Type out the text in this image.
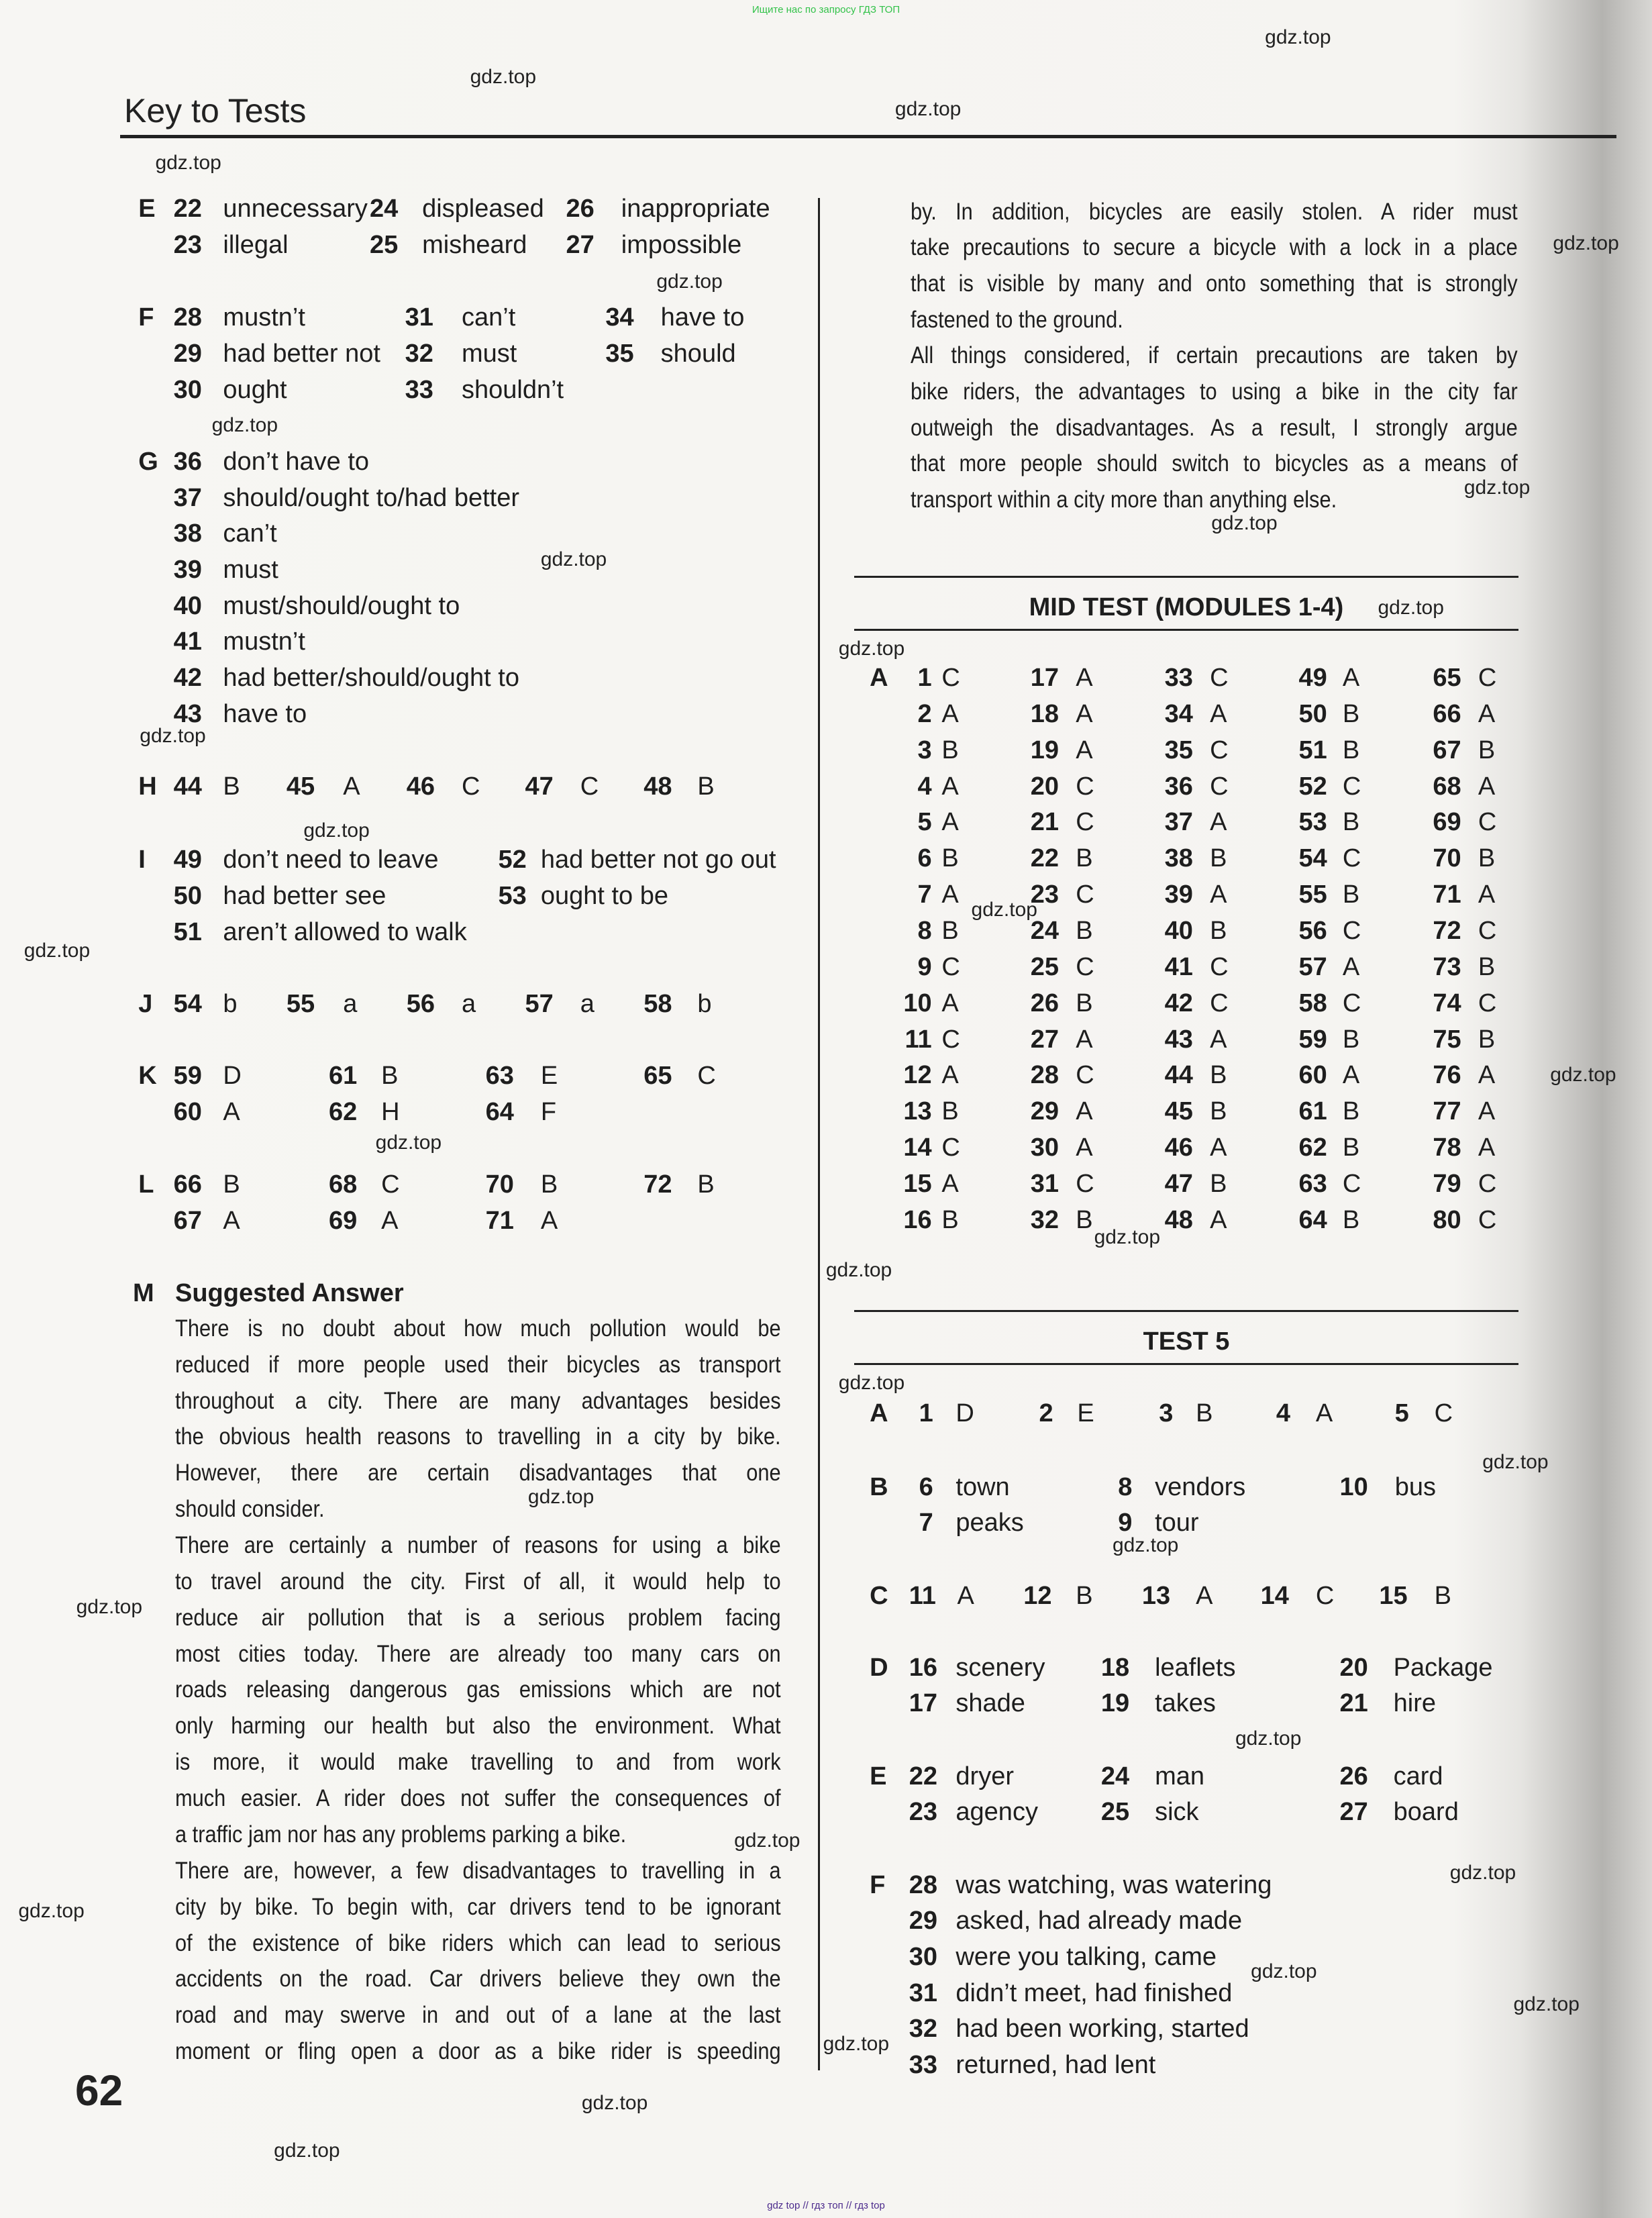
Ищите нас по запросу ГДЗ ТОП
Key to Tests
MID TEST (MODULES 1-4)
TEST 5
M Suggested Answer
62
gdz top // гдз топ // гдз top
E 22 unnecessary 24 displeased 26 inappropriate
23 illegal	25 misheard	27 impossible
F 28 mustn’t	31 can’t	34 have to
29 had better not 32 must	35 should
30 ought	33 shouldn’t
G 36 don’t have to
37 should/ought to/had better
38 can’t
39 must
40 must/should/ought to
41 mustn’t
42 had better/should/ought to
43 have to
H 44 B	45 A	46 C	47 C	48 B
I	49 don’t need to leave	52 had better not go out
50 had better see	53 ought to be
51 aren’t allowed to walk
J 54 b	55 a	56 a	57 a	58 b
K 59 D	61 B	63 E	65 C
60 A	62 H	64 F
L 66 B	68 C	70 B	72 B
67 A	69 A	71 A
A	1 C	17 A	33 C	49 A	65 C
2 A	18 A	34 A	50 B	66 A
3 B	19 A	35 C	51 B	67 B
4 A	20 C	36 C	52 C	68 A
5 A	21 C	37 A	53 B	69 C
6 B	22 B	38 B	54 C	70 B
7 A	23 C	39 A	55 B	71 A
8 B	24 B	40 B	56 C	72 C
9 C	25 C	41 C	57 A	73 B
10 A	26 B	42 C	58 C	74 C
11 C	27 A	43 A	59 B	75 B
12 A	28 C	44 B	60 A	76 A
13 B	29 A	45 B	61 B	77 A
14 C	30 A	46 A	62 B	78 A
15 A	31 C	47 B	63 C	79 C
16 B	32 B	48 A	64 B	80 C
A	1 D	2 E	3 B	4 A	5 C
B	6 town	8 vendors	10 bus
7 peaks	9 tour
C 11 A	12 B	13 A	14 C	15 B
D 16 scenery	18 leaflets	20 Package
17 shade	19 takes	21 hire
E 22 dryer	24 man	26 card
23 agency	25 sick	27 board
F 28 was watching, was watering
29 asked, had already made
30 were you talking, came
31 didn’t meet, had finished
32 had been working, started
33 returned, had lent
There is no doubt about how much pollution would be
reduced if more people used their bicycles as transport
throughout a city. There are many advantages besides
the obvious health reasons to travelling in a city by bike.
However, there are certain disadvantages that one
should consider.
There are certainly a number of reasons for using a bike
to travel around the city. First of all, it would help to
reduce air pollution that is a serious problem facing
most cities today. There are already too many cars on
roads releasing dangerous gas emissions which are not
only harming our health but also the environment. What
is more, it would make travelling to and from work
much easier. A rider does not suffer the consequences of
a traffic jam nor has any problems parking a bike.
There are, however, a few disadvantages to travelling in a
city by bike. To begin with, car drivers tend to be ignorant
of the existence of bike riders which can lead to serious
accidents on the road. Car drivers believe they own the
road and may swerve in and out of a lane at the last
moment or fling open a door as a bike rider is speeding
by. In addition, bicycles are easily stolen. A rider must
take precautions to secure a bicycle with a lock in a place
that is visible by many and onto something that is strongly
fastened to the ground.
All things considered, if certain precautions are taken by
bike riders, the advantages to using a bike in the city far
outweigh the disadvantages. As a result, I strongly argue
that more people should switch to bicycles as a means of
transport within a city more than anything else.
gdz.top
gdz.top
gdz.top
gdz.top
gdz.top
gdz.top
gdz.top
gdz.top
gdz.top
gdz.top
gdz.top
gdz.top
gdz.top
gdz.top
gdz.top
gdz.top
gdz.top
gdz.top
gdz.top
gdz.top
gdz.top
gdz.top
gdz.top
gdz.top
gdz.top
gdz.top
gdz.top
gdz.top
gdz.top
gdz.top
gdz.top
gdz.top
gdz.top
gdz.top
